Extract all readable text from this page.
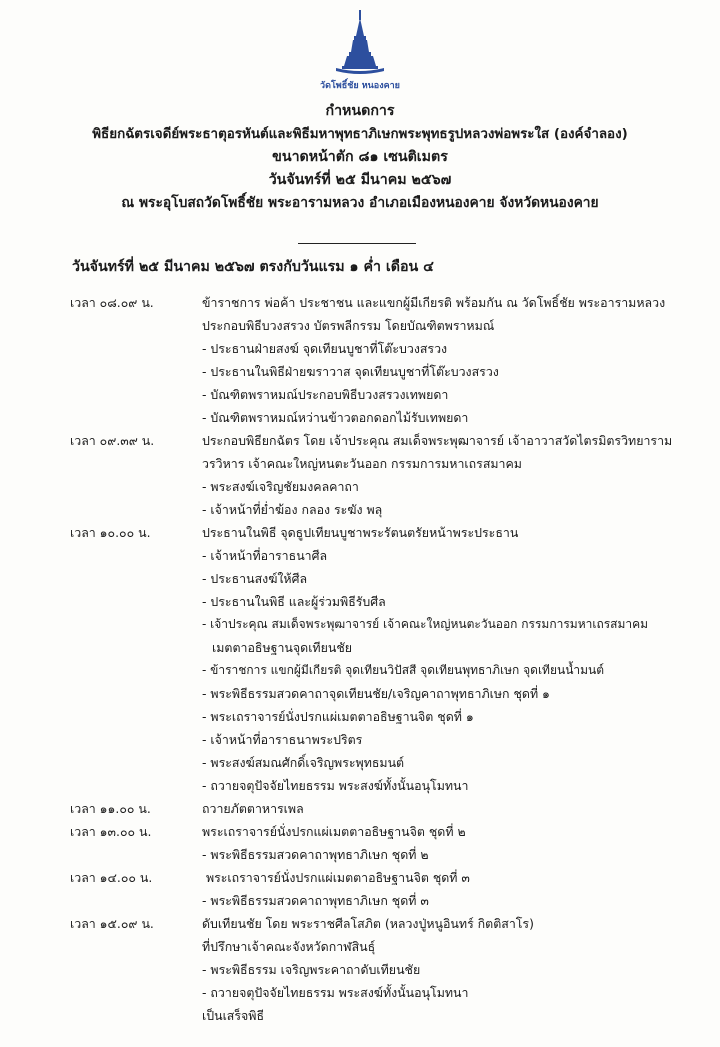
วัดโพธิ์ชัย หนองคาย
กำหนดการ
พิธียกฉัตรเจดีย์พระธาตุอรหันต์และพิธีมหาพุทธาภิเษกพระพุทธรูปหลวงพ่อพระใส (องค์จำลอง)
ขนาดหน้าตัก ๘๑ เซนติเมตร
วันจันทร์ที่ ๒๕ มีนาคม ๒๕๖๗
ณ พระอุโบสถวัดโพธิ์ชัย พระอารามหลวง อำเภอเมืองหนองคาย จังหวัดหนองคาย
วันจันทร์ที่ ๒๕ มีนาคม ๒๕๖๗ ตรงกับวันแรม ๑ ค่ำ เดือน ๔
เวลา ๐๘.๐๙ น.	ข้าราชการ พ่อค้า ประชาชน และแขกผู้มีเกียรติ พร้อมกัน ณ วัดโพธิ์ชัย พระอารามหลวง
ประกอบพิธีบวงสรวง บัตรพลีกรรม โดยบัณฑิตพราหมณ์
- ประธานฝ่ายสงฆ์ จุดเทียนบูชาที่โต๊ะบวงสรวง
- ประธานในพิธีฝ่ายฆราวาส จุดเทียนบูชาที่โต๊ะบวงสรวง
- บัณฑิตพราหมณ์ประกอบพิธีบวงสรวงเทพยดา
- บัณฑิตพราหมณ์หว่านข้าวตอกดอกไม้รับเทพยดา
เวลา ๐๙.๓๙ น.	ประกอบพิธียกฉัตร โดย เจ้าประคุณ สมเด็จพระพุฒาจารย์ เจ้าอาวาสวัดไตรมิตรวิทยาราม
วรวิหาร เจ้าคณะใหญ่หนตะวันออก กรรมการมหาเถรสมาคม
- พระสงฆ์เจริญชัยมงคลคาถา
- เจ้าหน้าที่ย่ำฆ้อง กลอง ระฆัง พลุ
เวลา ๑๐.๐๐ น.	ประธานในพิธี จุดธูปเทียนบูชาพระรัตนตรัยหน้าพระประธาน
- เจ้าหน้าที่อาราธนาศีล
- ประธานสงฆ์ให้ศีล
- ประธานในพิธี และผู้ร่วมพิธีรับศีล
- เจ้าประคุณ สมเด็จพระพุฒาจารย์ เจ้าคณะใหญ่หนตะวันออก กรรมการมหาเถรสมาคม
เมตตาอธิษฐานจุดเทียนชัย
- ข้าราชการ แขกผู้มีเกียรติ จุดเทียนวิปัสสี จุดเทียนพุทธาภิเษก จุดเทียนน้ำมนต์
- พระพิธีธรรมสวดคาถาจุดเทียนชัย/เจริญคาถาพุทธาภิเษก ชุดที่ ๑
- พระเถราจารย์นั่งปรกแผ่เมตตาอธิษฐานจิต ชุดที่ ๑
- เจ้าหน้าที่อาราธนาพระปริตร
- พระสงฆ์สมณศักดิ์เจริญพระพุทธมนต์
- ถวายจตุปัจจัยไทยธรรม พระสงฆ์ทั้งนั้นอนุโมทนา
เวลา ๑๑.๐๐ น.	ถวายภัตตาหารเพล
เวลา ๑๓.๐๐ น.	พระเถราจารย์นั่งปรกแผ่เมตตาอธิษฐานจิต ชุดที่ ๒
- พระพิธีธรรมสวดคาถาพุทธาภิเษก ชุดที่ ๒
เวลา ๑๔.๐๐ น.	พระเถราจารย์นั่งปรกแผ่เมตตาอธิษฐานจิต ชุดที่ ๓
- พระพิธีธรรมสวดคาถาพุทธาภิเษก ชุดที่ ๓
เวลา ๑๕.๐๙ น.	ดับเทียนชัย โดย พระราชศีลโสภิต (หลวงปู่หนูอินทร์ กิตติสาโร)
ที่ปรึกษาเจ้าคณะจังหวัดกาฬสินธุ์
- พระพิธีธรรม เจริญพระคาถาดับเทียนชัย
- ถวายจตุปัจจัยไทยธรรม พระสงฆ์ทั้งนั้นอนุโมทนา
เป็นเสร็จพิธี
